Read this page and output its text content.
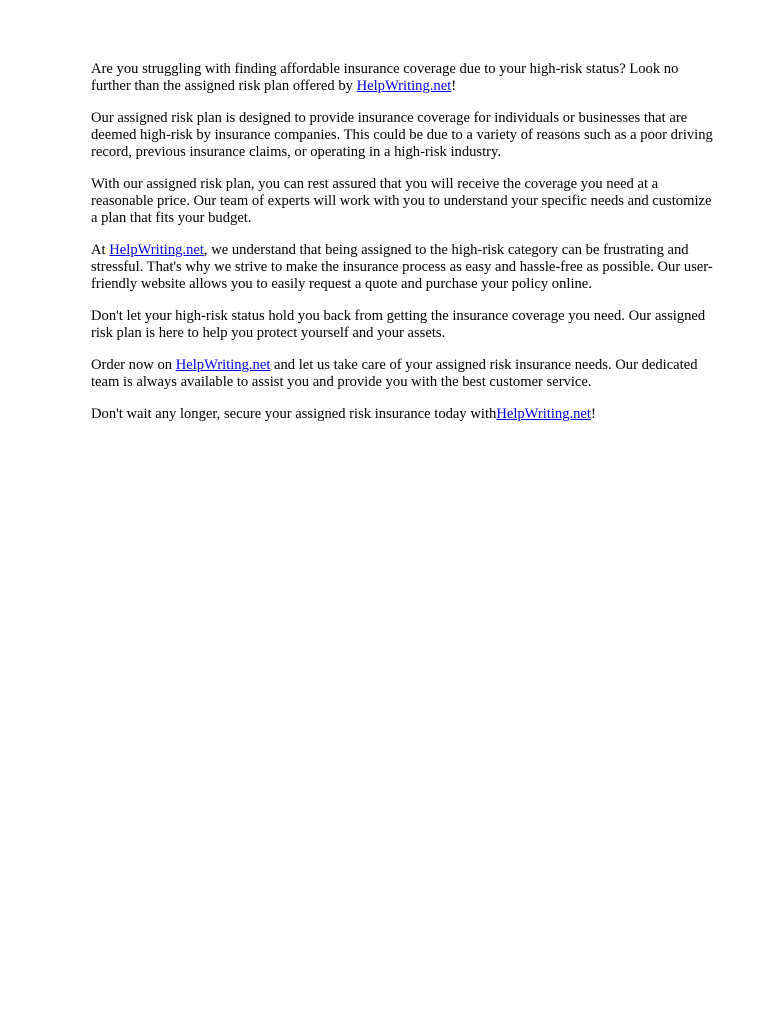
Are you struggling with finding affordable insurance coverage due to your high-risk status? Look no further than the assigned risk plan offered by HelpWriting.net!

Our assigned risk plan is designed to provide insurance coverage for individuals or businesses that are deemed high-risk by insurance companies. This could be due to a variety of reasons such as a poor driving record, previous insurance claims, or operating in a high-risk industry.

With our assigned risk plan, you can rest assured that you will receive the coverage you need at a reasonable price. Our team of experts will work with you to understand your specific needs and customize a plan that fits your budget.

At HelpWriting.net, we understand that being assigned to the high-risk category can be frustrating and stressful. That's why we strive to make the insurance process as easy and hassle-free as possible. Our user-friendly website allows you to easily request a quote and purchase your policy online.

Don't let your high-risk status hold you back from getting the insurance coverage you need. Our assigned risk plan is here to help you protect yourself and your assets.

Order now on HelpWriting.net and let us take care of your assigned risk insurance needs. Our dedicated team is always available to assist you and provide you with the best customer service.

Don't wait any longer, secure your assigned risk insurance today withHelpWriting.net!
